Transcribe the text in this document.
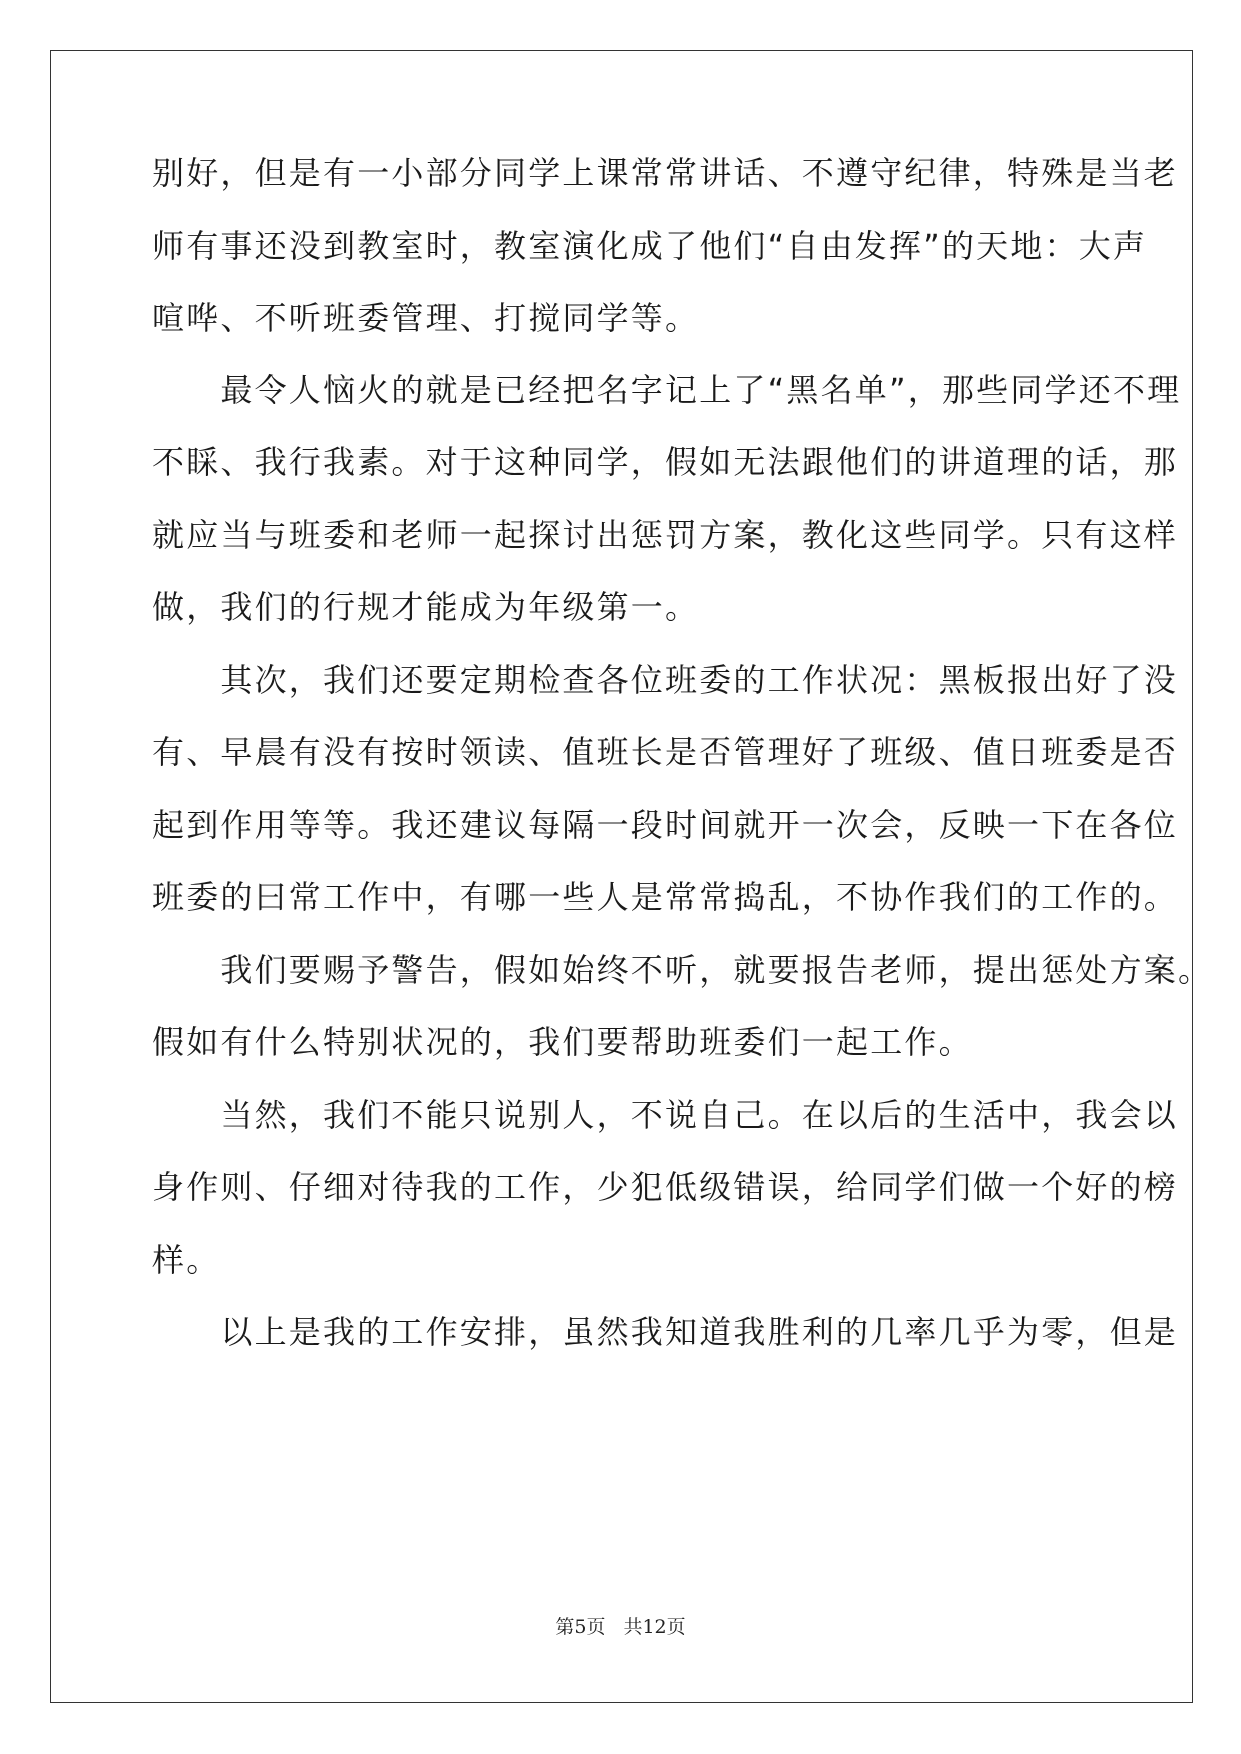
别好，但是有一小部分同学上课常常讲话、不遵守纪律，特殊是当老
师有事还没到教室时，教室演化成了他们“自由发挥”的天地：大声
喧哗、不听班委管理、打搅同学等。
　　最令人恼火的就是已经把名字记上了“黑名单”，那些同学还不理
不睬、我行我素。对于这种同学，假如无法跟他们的讲道理的话，那
就应当与班委和老师一起探讨出惩罚方案，教化这些同学。只有这样
做，我们的行规才能成为年级第一。
　　其次，我们还要定期检查各位班委的工作状况：黑板报出好了没
有、早晨有没有按时领读、值班长是否管理好了班级、值日班委是否
起到作用等等。我还建议每隔一段时间就开一次会，反映一下在各位
班委的曰常工作中，有哪一些人是常常捣乱，不协作我们的工作的。
　　我们要赐予警告，假如始终不听，就要报告老师，提出惩处方案。
假如有什么特别状况的，我们要帮助班委们一起工作。
　　当然，我们不能只说别人，不说自己。在以后的生活中，我会以
身作则、仔细对待我的工作，少犯低级错误，给同学们做一个好的榜
样。
　　以上是我的工作安排，虽然我知道我胜利的几率几乎为零，但是
第5页 共12页
